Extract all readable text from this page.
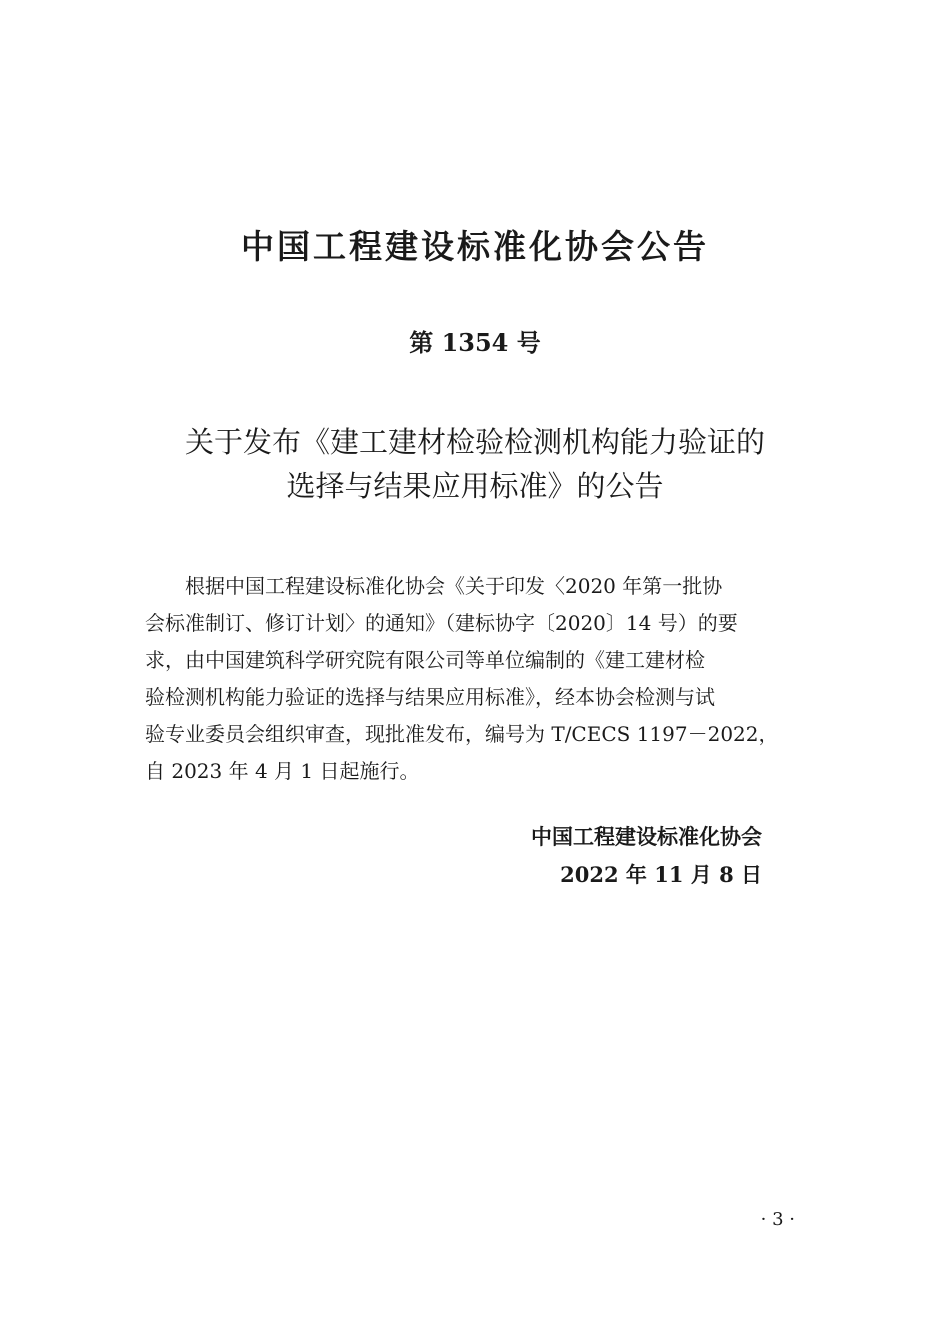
中国工程建设标准化协会公告
第 1354 号
关于发布《建工建材检验检测机构能力验证的
选择与结果应用标准》的公告
根据中国工程建设标准化协会《关于印发〈2020 年第一批协
会标准制订、修订计划〉的通知》（建标协字〔2020〕14 号）的要
求，由中国建筑科学研究院有限公司等单位编制的《建工建材检
验检测机构能力验证的选择与结果应用标准》，经本协会检测与试
验专业委员会组织审查，现批准发布，编号为 T/CECS 1197－2022，
自 2023 年 4 月 1 日起施行。
中国工程建设标准化协会
2022 年 11 月 8 日
· 3 ·
